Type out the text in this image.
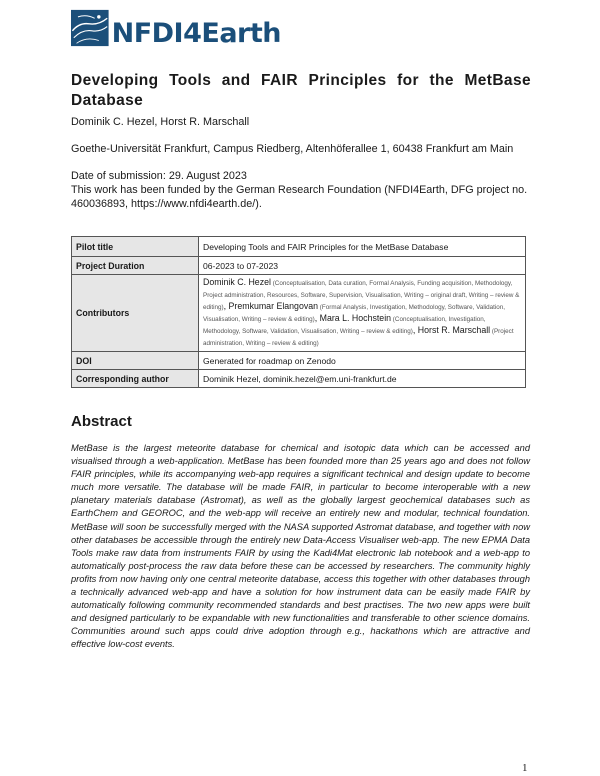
NFDI4Earth
Developing Tools and FAIR Principles for the MetBase Database

Dominik C. Hezel, Horst R. Marschall

Goethe-Universität Frankfurt, Campus Riedberg, Altenhöferallee 1, 60438 Frankfurt am Main

Date of submission: 29. August 2023

This work has been funded by the German Research Foundation (NFDI4Earth, DFG project no. 460036893, https://www.nfdi4earth.de/).

Pilot title	Developing Tools and FAIR Principles for the MetBase Database
Project Duration	06-2023 to 07-2023
Contributors	Dominik C. Hezel (Conceptualisation, Data curation, Formal Analysis, Funding acquisition, Methodology, Project administration, Resources, Software, Supervision, Visualisation, Writing – original draft, Writing – review & editing), Premkumar Elangovan (Formal Analysis, Investigation, Methodology, Software, Validation, Visualisation, Writing – review & editing), Mara L. Hochstein (Conceptualisation, Investigation, Methodology, Software, Validation, Visualisation, Writing – review & editing), Horst R. Marschall (Project administration, Writing – review & editing)
DOI	Generated for roadmap on Zenodo
Corresponding author	Dominik Hezel, dominik.hezel@em.uni-frankfurt.de
Abstract

MetBase is the largest meteorite database for chemical and isotopic data which can be accessed and visualised through a web-application. MetBase has been founded more than 25 years ago and does not follow FAIR principles, while its accompanying web-app requires a significant technical and design update to become much more versatile. The database will be made FAIR, in particular to become interoperable with a new planetary materials database (Astromat), as well as the globally largest geochemical databases such as EarthChem and GEOROC, and the web-app will receive an entirely new and modular, technical foundation. MetBase will soon be successfully merged with the NASA supported Astromat database, and together with now other databases be accessible through the entirely new Data-Access Visualiser web-app. The new EPMA Data Tools make raw data from instruments FAIR by using the Kadi4Mat electronic lab notebook and a web-app to automatically post-process the raw data before these can be accessed by researchers. The community highly profits from now having only one central meteorite database, access this together with other databases through a technically advanced web-app and have a solution for how instrument data can be easily made FAIR by automatically following community recommended standards and best practises. The two new apps were built and designed particularly to be expandable with new functionalities and transferable to other science domains. Communities around such apps could drive adoption through e.g., hackathons which are attractive and effective low-cost events.

1
